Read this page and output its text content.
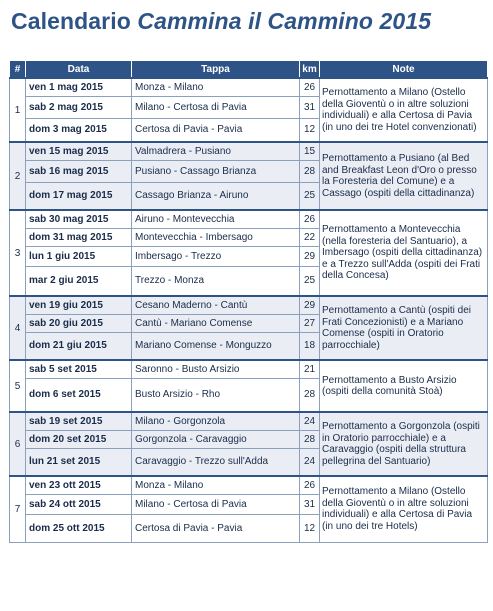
Calendario Cammina il Cammino 2015
#	Data	Tappa	km	Note
1	ven 1 mag 2015	Monza - Milano	26	Pernottamento a Milano (Ostello della Gioventù o in altre soluzioni individuali) e alla Certosa di Pavia (in uno dei tre Hotel convenzionati)
	sab 2 mag 2015	Milano - Certosa di Pavia	31	
	dom 3 mag 2015	Certosa di Pavia - Pavia	12	
2	ven 15 mag 2015	Valmadrera - Pusiano	15	Pernottamento a Pusiano (al Bed and Breakfast Leon d'Oro o presso la Foresteria del Comune) e a Cassago (ospiti della cittadinanza)
	sab 16 mag 2015	Pusiano - Cassago Brianza	28	
	dom 17 mag 2015	Cassago Brianza - Airuno	25	
3	sab 30 mag 2015	Airuno - Montevecchia	26	Pernottamento a Montevecchia (nella foresteria del Santuario), a Imbersago (ospiti della cittadinanza) e a Trezzo sull'Adda (ospiti dei Frati della Concesa)
	dom 31 mag 2015	Montevecchia - Imbersago	22	
	lun 1 giu 2015	Imbersago - Trezzo	29	
	mar 2 giu 2015	Trezzo - Monza	25	
4	ven 19 giu 2015	Cesano Maderno - Cantù	29	Pernottamento a Cantù (ospiti dei Frati Concezionisti) e a Mariano Comense (ospiti in Oratorio parrocchiale)
	sab 20 giu 2015	Cantù - Mariano Comense	27	
	dom 21 giu 2015	Mariano Comense - Monguzzo	18	
5	sab 5 set 2015	Saronno - Busto Arsizio	21	Pernottamento a Busto Arsizio (ospiti della comunità Stoà)
	dom 6 set 2015	Busto Arsizio - Rho	28	
6	sab 19 set 2015	Milano - Gorgonzola	24	Pernottamento a Gorgonzola (ospiti in Oratorio parrocchiale) e a Caravaggio (ospiti della struttura pellegrina del Santuario)
	dom 20 set 2015	Gorgonzola - Caravaggio	28	
	lun 21 set 2015	Caravaggio - Trezzo sull'Adda	24	
7	ven 23 ott 2015	Monza - Milano	26	Pernottamento a Milano (Ostello della Gioventù o in altre soluzioni individuali) e alla Certosa di Pavia (in uno dei tre Hotels)
	sab 24 ott 2015	Milano - Certosa di Pavia	31	
	dom 25 ott 2015	Certosa di Pavia - Pavia	12	
